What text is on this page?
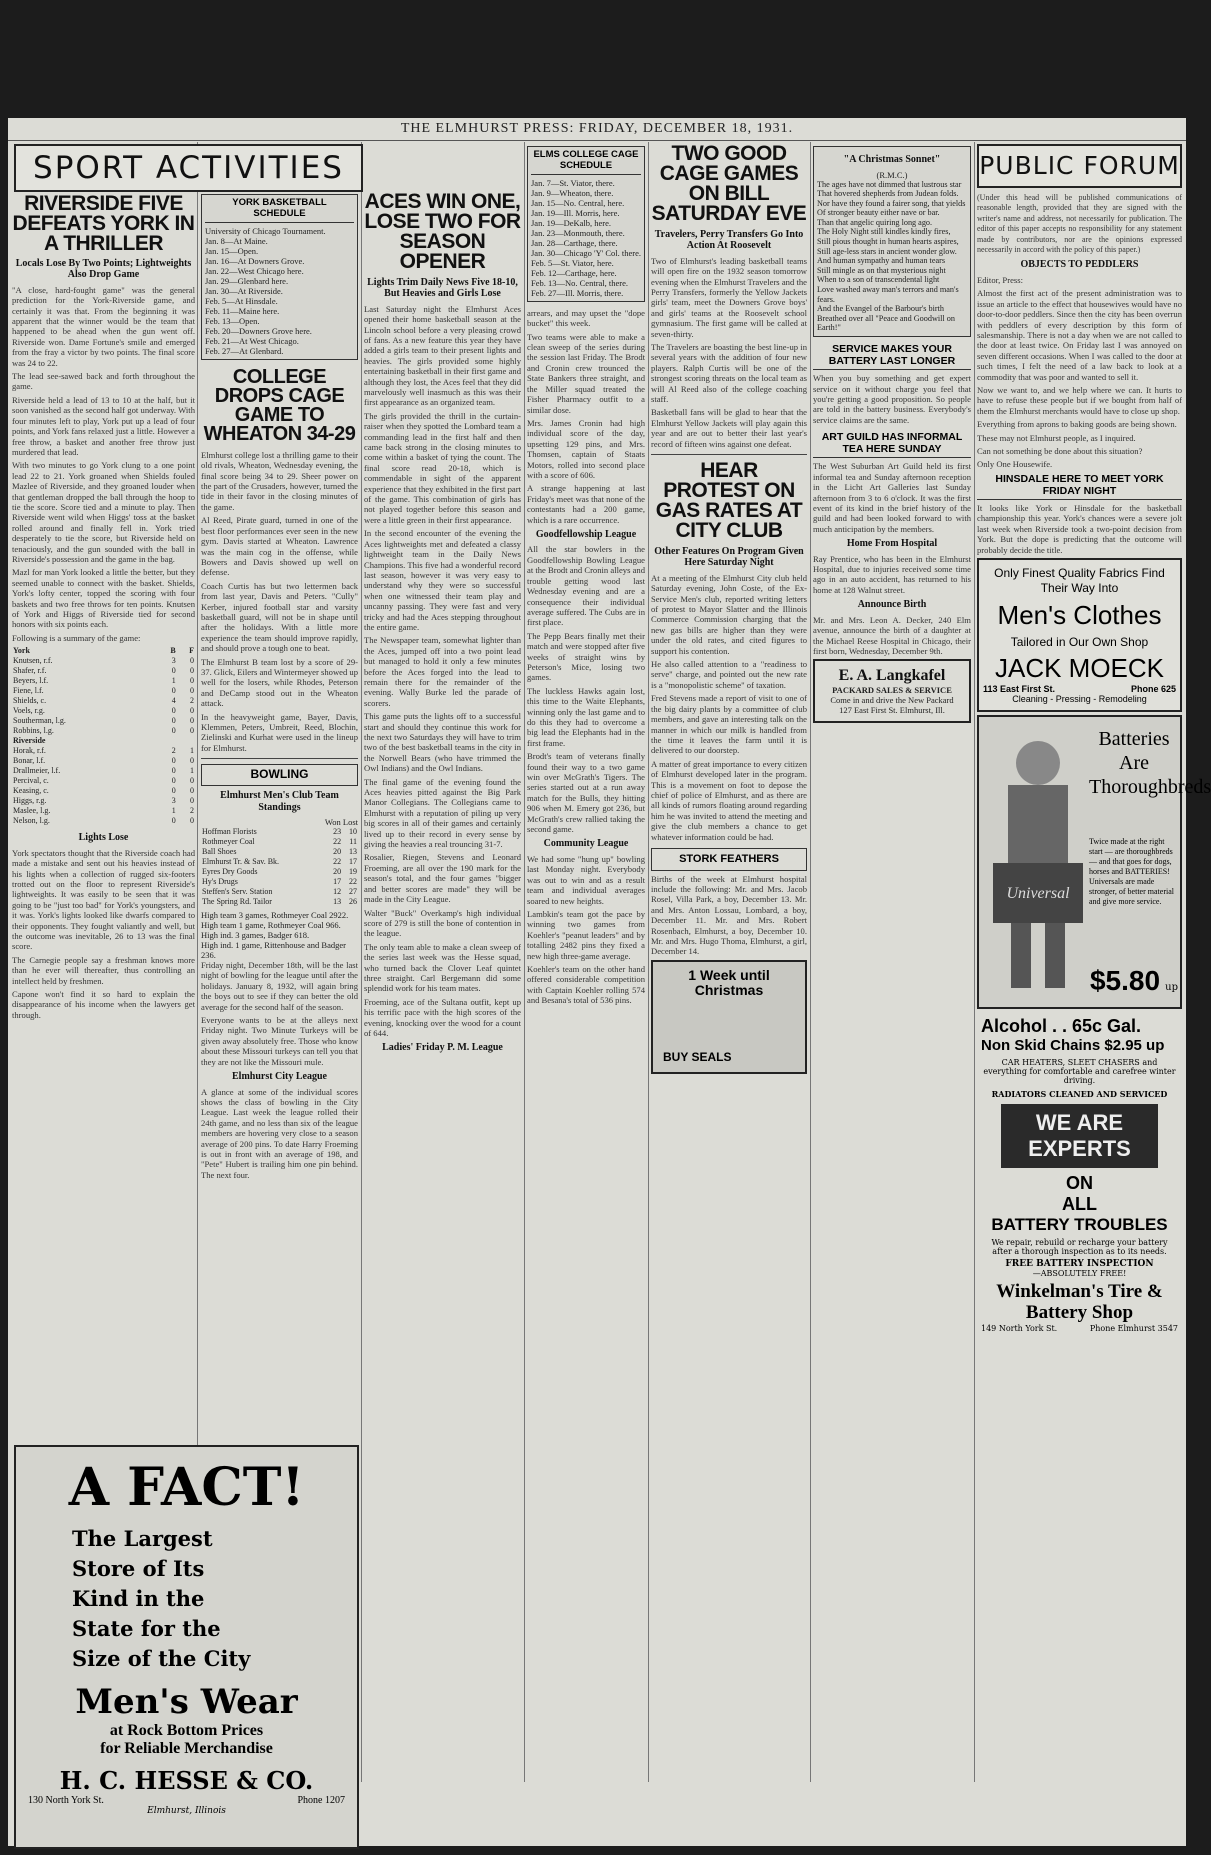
THE ELMHURST PRESS: FRIDAY, DECEMBER 18, 1931.
SPORT ACTIVITIES
RIVERSIDE FIVE DEFEATS YORK IN A THRILLER
Locals Lose By Two Points; Lightweights Also Drop Game

"A close, hard-fought game" was the general prediction for the York-Riverside game, and certainly it was that. From the beginning it was apparent that the winner would be the team that happened to be ahead when the gun went off. Riverside won. Dame Fortune's smile and emerged from the fray a victor by two points. The final score was 24 to 22.

The lead see-sawed back and forth throughout the game.

Riverside held a lead of 13 to 10 at the half, but it soon vanished as the second half got underway. With four minutes left to play, York put up a lead of four points, and York fans relaxed just a little. However a free throw, a basket and another free throw just murdered that lead.

With two minutes to go York clung to a one point lead 22 to 21. York groaned when Shields fouled Mazlee of Riverside, and they groaned louder when that gentleman dropped the ball through the hoop to tie the score. Score tied and a minute to play. Then Riverside went wild when Higgs' toss at the basket rolled around and finally fell in. York tried desperately to tie the score, but Riverside held on tenaciously, and the gun sounded with the ball in Riverside's possession and the game in the bag.

Mazl for man York looked a little the better, but they seemed unable to connect with the basket. Shields, York's lofty center, topped the scoring with four baskets and two free throws for ten points. Knutsen of York and Higgs of Riverside tied for second honors with six points each.

Following is a summary of the game:

York	B	F
Knutsen, r.f.	3	0
Shafer, r.f.	0	0
Beyers, l.f.	1	0
Fiene, l.f.	0	0
Shields, c.	4	2
Voels, r.g.	0	0
Southerman, l.g.	0	0
Robbins, l.g.	0	0
Riverside		
Horak, r.f.	2	1
Bonar, l.f.	0	0
Drallmeier, l.f.	0	1
Percival, c.	0	0
Keasing, c.	0	0
Higgs, r.g.	3	0
Maslee, l.g.	1	2
Nelson, l.g.	0	0
Lights Lose

York spectators thought that the Riverside coach had made a mistake and sent out his heavies instead of his lights when a collection of rugged six-footers trotted out on the floor to represent Riverside's lightweights. It was easily to be seen that it was going to be "just too bad" for York's youngsters, and it was. York's lights looked like dwarfs compared to their opponents. They fought valiantly and well, but the outcome was inevitable, 26 to 13 was the final score.

The Carnegie people say a freshman knows more than he ever will thereafter, thus controlling an intellect held by freshmen.

Capone won't find it so hard to explain the disappearance of his income when the lawyers get through.

YORK BASKETBALL SCHEDULE
University of Chicago Tournament.
Jan. 8—At Maine.
Jan. 15—Open.
Jan. 16—At Downers Grove.
Jan. 22—West Chicago here.
Jan. 29—Glenbard here.
Jan. 30—At Riverside.
Feb. 5—At Hinsdale.
Feb. 11—Maine here.
Feb. 13—Open.
Feb. 20—Downers Grove here.
Feb. 21—At West Chicago.
Feb. 27—At Glenbard.
COLLEGE DROPS CAGE GAME TO WHEATON 34-29

Elmhurst college lost a thrilling game to their old rivals, Wheaton, Wednesday evening, the final score being 34 to 29. Sheer power on the part of the Crusaders, however, turned the tide in their favor in the closing minutes of the game.

Al Reed, Pirate guard, turned in one of the best floor performances ever seen in the new gym. Davis started at Wheaton. Lawrence was the main cog in the offense, while Bowers and Davis showed up well on defense.

Coach Curtis has but two lettermen back from last year, Davis and Peters. "Cully" Kerber, injured football star and varsity basketball guard, will not be in shape until after the holidays. With a little more experience the team should improve rapidly, and should prove a tough one to beat.

The Elmhurst B team lost by a score of 29-37. Glick, Eilers and Wintermeyer showed up well for the losers, while Rhodes, Peterson and DeCamp stood out in the Wheaton attack.

In the heavyweight game, Bayer, Davis, Klemmen, Peters, Umbreit, Reed, Blochin, Zielinski and Kurhat were used in the lineup for Elmhurst.

BOWLING
Elmhurst Men's Club Team Standings
Won Lost
Hoffman Florists	23	10
Rothmeyer Coal	22	11
Ball Shoes	20	13
Elmhurst Tr. & Sav. Bk.	22	17
Eyres Dry Goods	20	19
Hy's Drugs	17	22
Steffen's Serv. Station	12	27
The Spring Rd. Tailor	13	26
High team 3 games, Rothmeyer Coal 2922.
High team 1 game, Rothmeyer Coal 966.
High ind. 3 games, Badger 618.
High ind. 1 game, Rittenhouse and Badger 236.

Friday night, December 18th, will be the last night of bowling for the league until after the holidays. January 8, 1932, will again bring the boys out to see if they can better the old average for the second half of the season.

Everyone wants to be at the alleys next Friday night. Two Minute Turkeys will be given away absolutely free. Those who know about these Missouri turkeys can tell you that they are not like the Missouri mule.

Elmhurst City League

A glance at some of the individual scores shows the class of bowling in the City League. Last week the league rolled their 24th game, and no less than six of the league members are hovering very close to a season average of 200 pins. To date Harry Froeming is out in front with an average of 198, and "Pete" Hubert is trailing him one pin behind. The next four.

ACES WIN ONE, LOSE TWO FOR SEASON OPENER
Lights Trim Daily News Five 18-10, But Heavies and Girls Lose

Last Saturday night the Elmhurst Aces opened their home basketball season at the Lincoln school before a very pleasing crowd of fans. As a new feature this year they have added a girls team to their present lights and heavies. The girls provided some highly entertaining basketball in their first game and although they lost, the Aces feel that they did marvelously well inasmuch as this was their first appearance as an organized team.

The girls provided the thrill in the curtain-raiser when they spotted the Lombard team a commanding lead in the first half and then came back strong in the closing minutes to come within a basket of tying the count. The final score read 20-18, which is commendable in sight of the apparent experience that they exhibited in the first part of the game. This combination of girls has not played together before this season and were a little green in their first appearance.

In the second encounter of the evening the Aces lightweights met and defeated a classy lightweight team in the Daily News Champions. This five had a wonderful record last season, however it was very easy to understand why they were so successful when one witnessed their team play and uncanny passing. They were fast and very tricky and had the Aces stepping throughout the entire game.

The Newspaper team, somewhat lighter than the Aces, jumped off into a two point lead but managed to hold it only a few minutes before the Aces forged into the lead to remain there for the remainder of the evening. Wally Burke led the parade of scorers.

This game puts the lights off to a successful start and should they continue this work for the next two Saturdays they will have to trim two of the best basketball teams in the city in the Norwell Bears (who have trimmed the Owl Indians) and the Owl Indians.

The final game of the evening found the Aces heavies pitted against the Big Park Manor Collegians. The Collegians came to Elmhurst with a reputation of piling up very big scores in all of their games and certainly lived up to their record in every sense by giving the heavies a real trouncing 31-7.

Rosalier, Riegen, Stevens and Leonard Froeming, are all over the 190 mark for the season's total, and the four games "bigger and better scores are made" they will be made in the City League.

Walter "Buck" Overkamp's high individual score of 279 is still the bone of contention in the league.

The only team able to make a clean sweep of the series last week was the Hesse squad, who turned back the Clover Leaf quintet three straight. Carl Bergemann did some splendid work for his team mates.

Froeming, ace of the Sultana outfit, kept up his terrific pace with the high scores of the evening, knocking over the wood for a count of 644.

Ladies' Friday P. M. League
ELMS COLLEGE CAGE SCHEDULE
Jan. 7—St. Viator, there.
Jan. 9—Wheaton, there.
Jan. 15—No. Central, here.
Jan. 19—Ill. Morris, here.
Jan. 19—DeKalb, here.
Jan. 23—Monmouth, there.
Jan. 28—Carthage, there.
Jan. 30—Chicago 'Y' Col. there.
Feb. 5—St. Viator, here.
Feb. 12—Carthage, here.
Feb. 13—No. Central, there.
Feb. 27—Ill. Morris, there.

arrears, and may upset the "dope bucket" this week.

Two teams were able to make a clean sweep of the series during the session last Friday. The Brodt and Cronin crew trounced the State Bankers three straight, and the Miller squad treated the Fisher Pharmacy outfit to a similar dose.

Mrs. James Cronin had high individual score of the day, upsetting 129 pins, and Mrs. Thomsen, captain of Staats Motors, rolled into second place with a score of 606.

A strange happening at last Friday's meet was that none of the contestants had a 200 game, which is a rare occurrence.

Goodfellowship League

All the star bowlers in the Goodfellowship Bowling League at the Brodt and Cronin alleys and trouble getting wood last Wednesday evening and are a consequence their individual average suffered. The Cubs are in first place.

The Pepp Bears finally met their match and were stopped after five weeks of straight wins by Peterson's Mice, losing two games.

The luckless Hawks again lost, this time to the Waite Elephants, winning only the last game and to do this they had to overcome a big lead the Elephants had in the first frame.

Brodt's team of veterans finally found their way to a two game win over McGrath's Tigers. The series started out at a run away match for the Bulls, they hitting 906 when M. Emery got 236, but McGrath's crew rallied taking the second game.

Community League

We had some "hung up" bowling last Monday night. Everybody was out to win and as a result team and individual averages soared to new heights.

Lambkin's team got the pace by winning two games from Koehler's "peanut leaders" and by totalling 2482 pins they fixed a new high three-game average.

Koehler's team on the other hand offered considerable competition with Captain Koehler rolling 574 and Besana's total of 536 pins.

TWO GOOD CAGE GAMES ON BILL SATURDAY EVE
Travelers, Perry Transfers Go Into Action At Roosevelt

Two of Elmhurst's leading basketball teams will open fire on the 1932 season tomorrow evening when the Elmhurst Travelers and the Perry Transfers, formerly the Yellow Jackets girls' team, meet the Downers Grove boys' and girls' teams at the Roosevelt school gymnasium. The first game will be called at seven-thirty.

The Travelers are boasting the best line-up in several years with the addition of four new players. Ralph Curtis will be one of the strongest scoring threats on the local team as will Al Reed also of the college coaching staff.

Basketball fans will be glad to hear that the Elmhurst Yellow Jackets will play again this year and are out to better their last year's record of fifteen wins against one defeat.

HEAR PROTEST ON GAS RATES AT CITY CLUB
Other Features On Program Given Here Saturday Night

At a meeting of the Elmhurst City club held Saturday evening, John Coste, of the Ex-Service Men's club, reported writing letters of protest to Mayor Slatter and the Illinois Commerce Commission charging that the new gas bills are higher than they were under the old rates, and cited figures to support his contention.

He also called attention to a "readiness to serve" charge, and pointed out the new rate is a "monopolistic scheme" of taxation.

Fred Stevens made a report of visit to one of the big dairy plants by a committee of club members, and gave an interesting talk on the manner in which our milk is handled from the time it leaves the farm until it is delivered to our doorstep.

A matter of great importance to every citizen of Elmhurst developed later in the program. This is a movement on foot to depose the chief of police of Elmhurst, and as there are all kinds of rumors floating around regarding him he was invited to attend the meeting and give the club members a chance to get whatever information could be had.

STORK FEATHERS

Births of the week at Elmhurst hospital include the following: Mr. and Mrs. Jacob Rosel, Villa Park, a boy, December 13. Mr. and Mrs. Anton Lossau, Lombard, a boy, December 11. Mr. and Mrs. Robert Rosenbach, Elmhurst, a boy, December 10. Mr. and Mrs. Hugo Thoma, Elmhurst, a girl, December 14.

1 Week until Christmas
BUY SEALS
"A Christmas Sonnet"
(R.M.C.)
The ages have not dimmed that lustrous star
That hovered shepherds from Judean folds.
Nor have they found a fairer song, that yields
Of stronger beauty either nave or bar.
Than that angelic quiring long ago.
The Holy Night still kindles kindly fires,
Still pious thought in human hearts aspires,
Still age-less stars in ancient wonder glow.
And human sympathy and human tears
Still mingle as on that mysterious night
When to a son of transcendental light
Love washed away man's terrors and man's fears.
And the Evangel of the Barbour's birth
Breathed over all "Peace and Goodwill on Earth!"
SERVICE MAKES YOUR BATTERY LAST LONGER

When you buy something and get expert service on it without charge you feel that you're getting a good proposition. So people are told in the battery business. Everybody's service claims are the same.

ART GUILD HAS INFORMAL TEA HERE SUNDAY

The West Suburban Art Guild held its first informal tea and Sunday afternoon reception in the Licht Art Galleries last Sunday afternoon from 3 to 6 o'clock. It was the first event of its kind in the brief history of the guild and had been looked forward to with much anticipation by the members.

Home From Hospital

Ray Prentice, who has been in the Elmhurst Hospital, due to injuries received some time ago in an auto accident, has returned to his home at 128 Walnut street.

Announce Birth

Mr. and Mrs. Leon A. Decker, 240 Elm avenue, announce the birth of a daughter at the Michael Reese Hospital in Chicago, their first born, Wednesday, December 9th.

E. A. Langkafel
PACKARD SALES & SERVICE
Come in and drive the New Packard
127 East First St. Elmhurst, Ill.
PUBLIC FORUM

(Under this head will be published communications of reasonable length, provided that they are signed with the writer's name and address, not necessarily for publication. The editor of this paper accepts no responsibility for any statement made by contributors, nor are the opinions expressed necessarily in accord with the policy of this paper.)

OBJECTS TO PEDDLERS

Editor, Press:

Almost the first act of the present administration was to issue an article to the effect that housewives would have no door-to-door peddlers. Since then the city has been overrun with peddlers of every description by this form of salesmanship. There is not a day when we are not called to the door at least twice. On Friday last I was annoyed on seven different occasions. When I was called to the door at such times, I felt the need of a law back to look at a commodity that was poor and wanted to sell it.

Now we want to, and we help where we can. It hurts to have to refuse these people but if we bought from half of them the Elmhurst merchants would have to close up shop.

Everything from aprons to baking goods are being shown.

These may not Elmhurst people, as I inquired.

Can not something be done about this situation?

Only One Housewife.

HINSDALE HERE TO MEET YORK FRIDAY NIGHT

It looks like York or Hinsdale for the basketball championship this year. York's chances were a severe jolt last week when Riverside took a two-point decision from York. But the dope is predicting that the outcome will probably decide the title.

Only Finest Quality Fabrics Find Their Way Into
Men's Clothes
Tailored in Our Own Shop
JACK MOECK
113 East First St.	Phone 625
Cleaning - Pressing - Remodeling
Universal
Batteries Are Thoroughbreds
Twice made at the right start — are thoroughbreds — and that goes for dogs, horses and BATTERIES! Universals are made stronger, of better material and give more service.
$5.80 up
Alcohol . . 65c Gal.
Non Skid Chains $2.95 up
CAR HEATERS, SLEET CHASERS and everything for comfortable and carefree winter driving.
RADIATORS CLEANED AND SERVICED
WE ARE EXPERTS
ON
ALL
BATTERY TROUBLES
We repair, rebuild or recharge your battery after a thorough inspection as to its needs.
FREE BATTERY INSPECTION
—ABSOLUTELY FREE!
Winkelman's Tire & Battery Shop
149 North York St.	Phone Elmhurst 3547
A FACT!
The Largest
Store of Its
Kind in the
State for the
Size of the City
Men's Wear
at Rock Bottom Prices
for Reliable Merchandise
H. C. HESSE & CO.
130 North York St.	Phone 1207
Elmhurst, Illinois
